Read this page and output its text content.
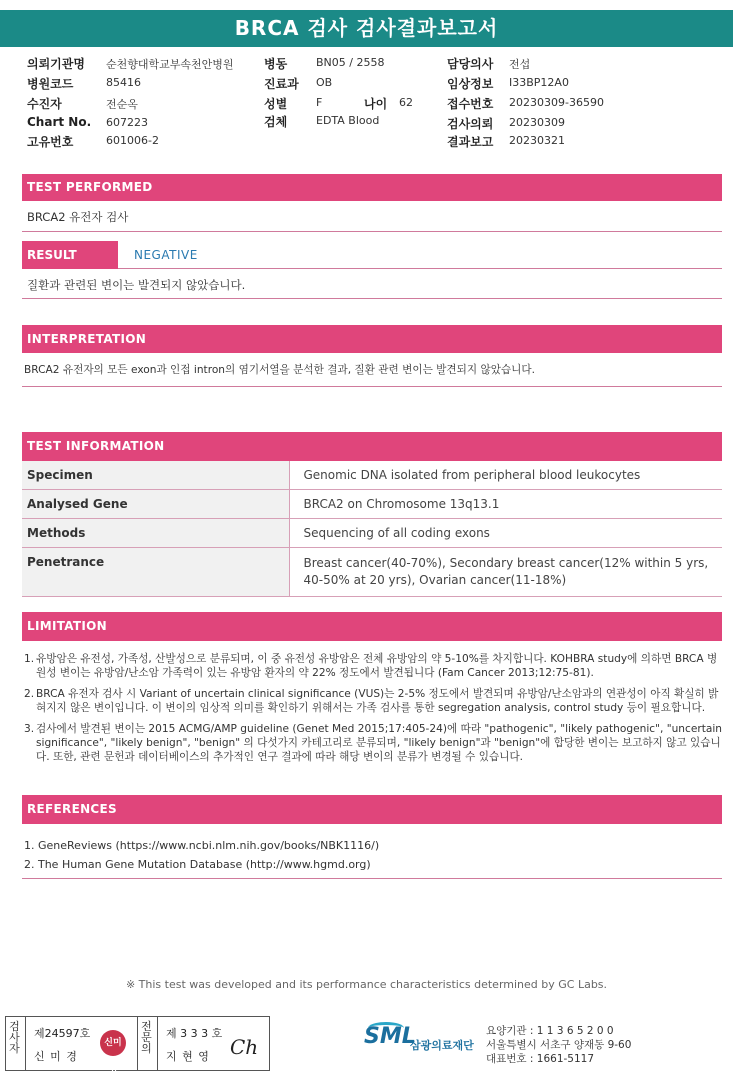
BRCA 검사 검사결과보고서
의뢰기관명 순천향대학교부속천안병원
병원코드	85416
수진자	전순옥
Chart No. 607223
고유번호	601006-2
병동	BN05 / 2558
진료과 OB
성별	F	나이 62
검체	EDTA Blood
담당의사 전섭
임상정보 I33BP12A0
접수번호 20230309-36590
검사의뢰 20230309
결과보고 20230321
TEST PERFORMED
BRCA2 유전자 검사
RESULT	NEGATIVE
질환과 관련된 변이는 발견되지 않았습니다.
INTERPRETATION
BRCA2 유전자의 모든 exon과 인접 intron의 염기서열을 분석한 결과, 질환 관련 변이는 발견되지 않았습니다.
TEST INFORMATION
Specimen	Genomic DNA isolated from peripheral blood leukocytes
Analysed Gene	BRCA2 on Chromosome 13q13.1
Methods	Sequencing of all coding exons
Penetrance	Breast cancer(40-70%), Secondary breast cancer(12% within 5 yrs, 40-50% at 20 yrs), Ovarian cancer(11-18%)
LIMITATION
1. 유방암은 유전성, 가족성, 산발성으로 분류되며, 이 중 유전성 유방암은 전체 유방암의 약 5-10%를 차지합니다. KOHBRA study에 의하면 BRCA 병원성 변이는 유방암/난소암 가족력이 있는 유방암 환자의 약 22% 정도에서 발견됩니다 (Fam Cancer 2013;12:75-81).
2. BRCA 유전자 검사 시 Variant of uncertain clinical significance (VUS)는 2-5% 정도에서 발견되며 유방암/난소암과의 연관성이 아직 확실히 밝혀지지 않은 변이입니다. 이 변이의 임상적 의미를 확인하기 위해서는 가족 검사를 통한 segregation analysis, control study 등이 필요합니다.
3. 검사에서 발견된 변이는 2015 ACMG/AMP guideline (Genet Med 2015;17:405-24)에 따라 "pathogenic", "likely pathogenic", "uncertain significance", "likely benign", "benign" 의 다섯가지 카테고리로 분류되며, "likely benign"과 "benign"에 합당한 변이는 보고하지 않고 있습니다. 또한, 관련 문헌과 데이터베이스의 추가적인 연구 결과에 따라 해당 변이의 분류가 변경될 수 있습니다.
REFERENCES
1. GeneReviews (https://www.ncbi.nlm.nih.gov/books/NBK1116/)
2. The Human Gene Mutation Database (http://www.hgmd.org)
※ This test was developed and its performance characteristics determined by GC Labs.
검사자
제24597호
신 미 경
신미경
전문의
제 3 3 3 호
지 현 영 Ch	SML
삼광의료재단
요양기관 : 1 1 3 6 5 2 0 0
서울특별시 서초구 양재동 9-60
대표번호 : 1661-5117
